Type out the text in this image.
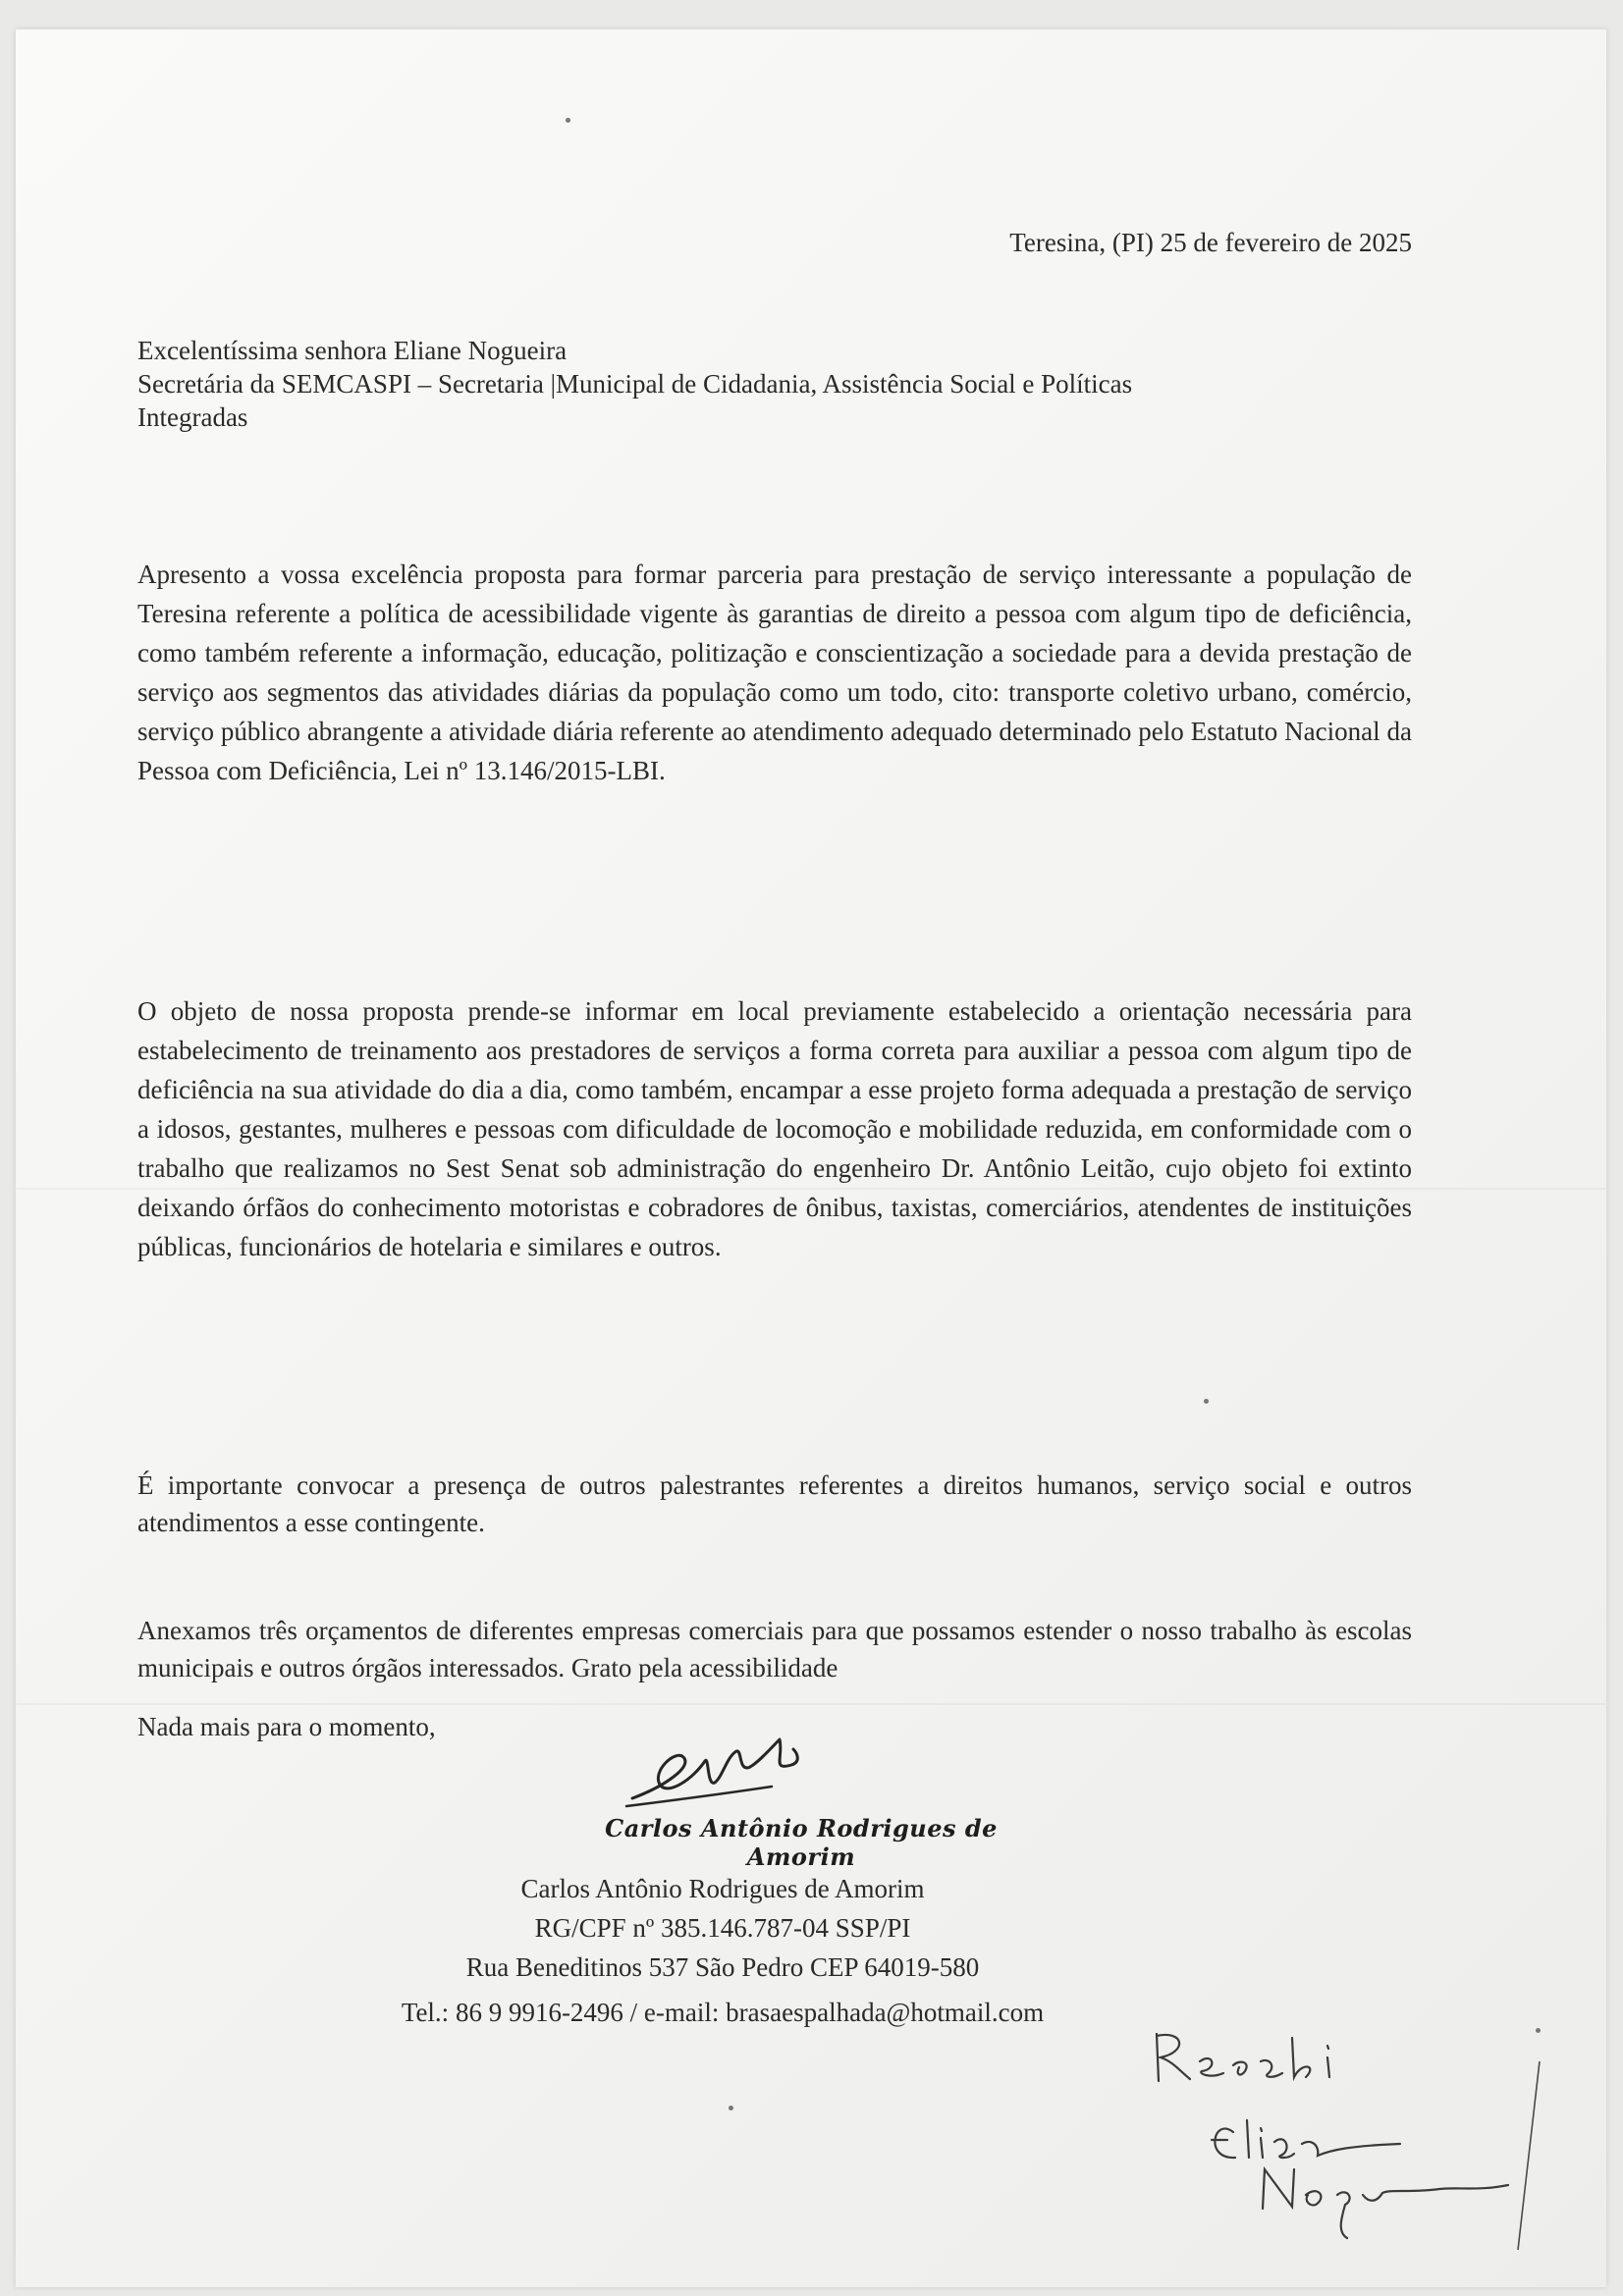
Teresina, (PI) 25 de fevereiro de 2025

Excelentíssima senhora Eliane Nogueira
Secretária da SEMCASPI – Secretaria |Municipal de Cidadania, Assistência Social e Políticas
Integradas

Apresento a vossa excelência proposta para formar parceria para prestação de serviço interessante a população de Teresina referente a política de acessibilidade vigente às garantias de direito a pessoa com algum tipo de deficiência, como também referente a informação, educação, politização e conscientização a sociedade para a devida prestação de serviço aos segmentos das atividades diárias da população como um todo, cito: transporte coletivo urbano, comércio, serviço público abrangente a atividade diária referente ao atendimento adequado determinado pelo Estatuto Nacional da Pessoa com Deficiência, Lei nº 13.146/2015-LBI.

O objeto de nossa proposta prende-se informar em local previamente estabelecido a orientação necessária para estabelecimento de treinamento aos prestadores de serviços a forma correta para auxiliar a pessoa com algum tipo de deficiência na sua atividade do dia a dia, como também, encampar a esse projeto forma adequada a prestação de serviço a idosos, gestantes, mulheres e pessoas com dificuldade de locomoção e mobilidade reduzida, em conformidade com o trabalho que realizamos no Sest Senat sob administração do engenheiro Dr. Antônio Leitão, cujo objeto foi extinto deixando órfãos do conhecimento motoristas e cobradores de ônibus, taxistas, comerciários, atendentes de instituições públicas, funcionários de hotelaria e similares e outros.

É importante convocar a presença de outros palestrantes referentes a direitos humanos, serviço social e outros atendimentos a esse contingente.

Anexamos três orçamentos de diferentes empresas comerciais para que possamos estender o nosso trabalho às escolas municipais e outros órgãos interessados. Grato pela acessibilidade

Nada mais para o momento,

Carlos Antônio Rodrigues de Amorim
Carlos Antônio Rodrigues de Amorim
RG/CPF nº 385.146.787-04 SSP/PI
Rua Beneditinos 537 São Pedro CEP 64019-580
Tel.: 86 9 9916-2496 / e-mail: brasaespalhada@hotmail.com
